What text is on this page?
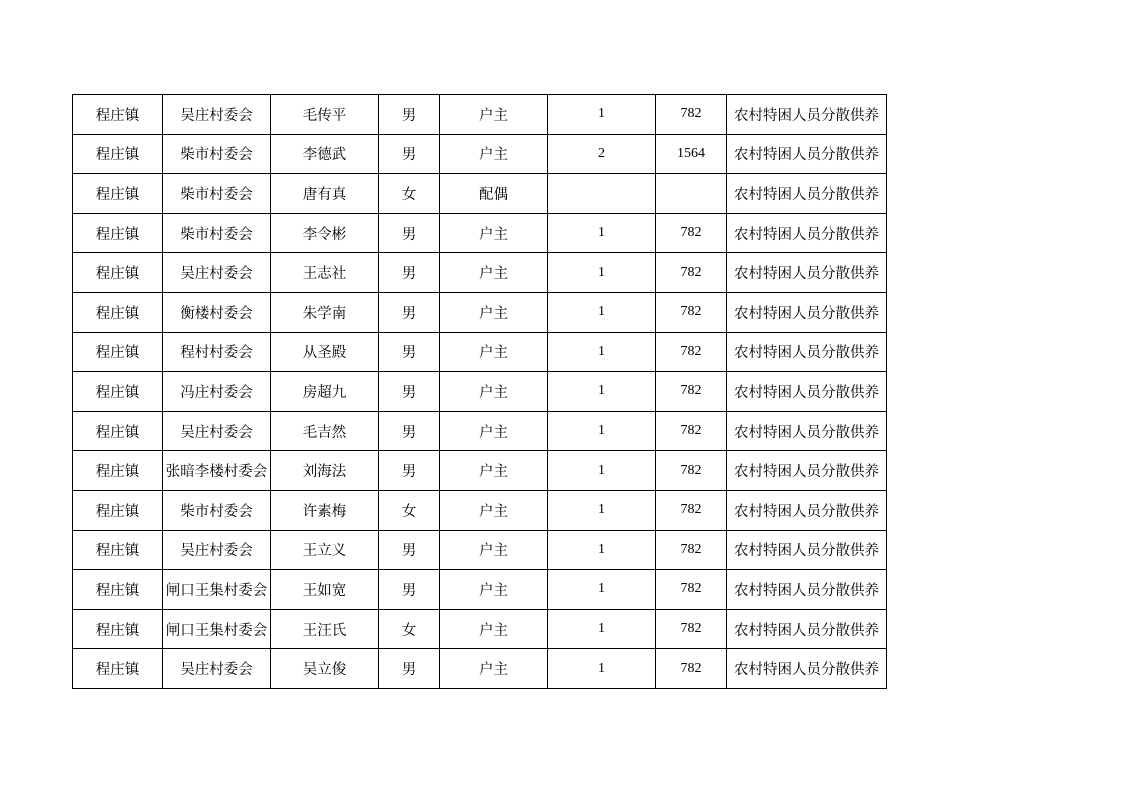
程庄镇	吴庄村委会	毛传平	男	户主	1	782	农村特困人员分散供养
程庄镇	柴市村委会	李德武	男	户主	2	1564	农村特困人员分散供养
程庄镇	柴市村委会	唐有真	女	配偶			农村特困人员分散供养
程庄镇	柴市村委会	李令彬	男	户主	1	782	农村特困人员分散供养
程庄镇	吴庄村委会	王志社	男	户主	1	782	农村特困人员分散供养
程庄镇	衡楼村委会	朱学南	男	户主	1	782	农村特困人员分散供养
程庄镇	程村村委会	从圣殿	男	户主	1	782	农村特困人员分散供养
程庄镇	冯庄村委会	房超九	男	户主	1	782	农村特困人员分散供养
程庄镇	吴庄村委会	毛吉然	男	户主	1	782	农村特困人员分散供养
程庄镇	张暗李楼村委会	刘海法	男	户主	1	782	农村特困人员分散供养
程庄镇	柴市村委会	许素梅	女	户主	1	782	农村特困人员分散供养
程庄镇	吴庄村委会	王立义	男	户主	1	782	农村特困人员分散供养
程庄镇	闸口王集村委会	王如宽	男	户主	1	782	农村特困人员分散供养
程庄镇	闸口王集村委会	王汪氏	女	户主	1	782	农村特困人员分散供养
程庄镇	吴庄村委会	吴立俊	男	户主	1	782	农村特困人员分散供养
